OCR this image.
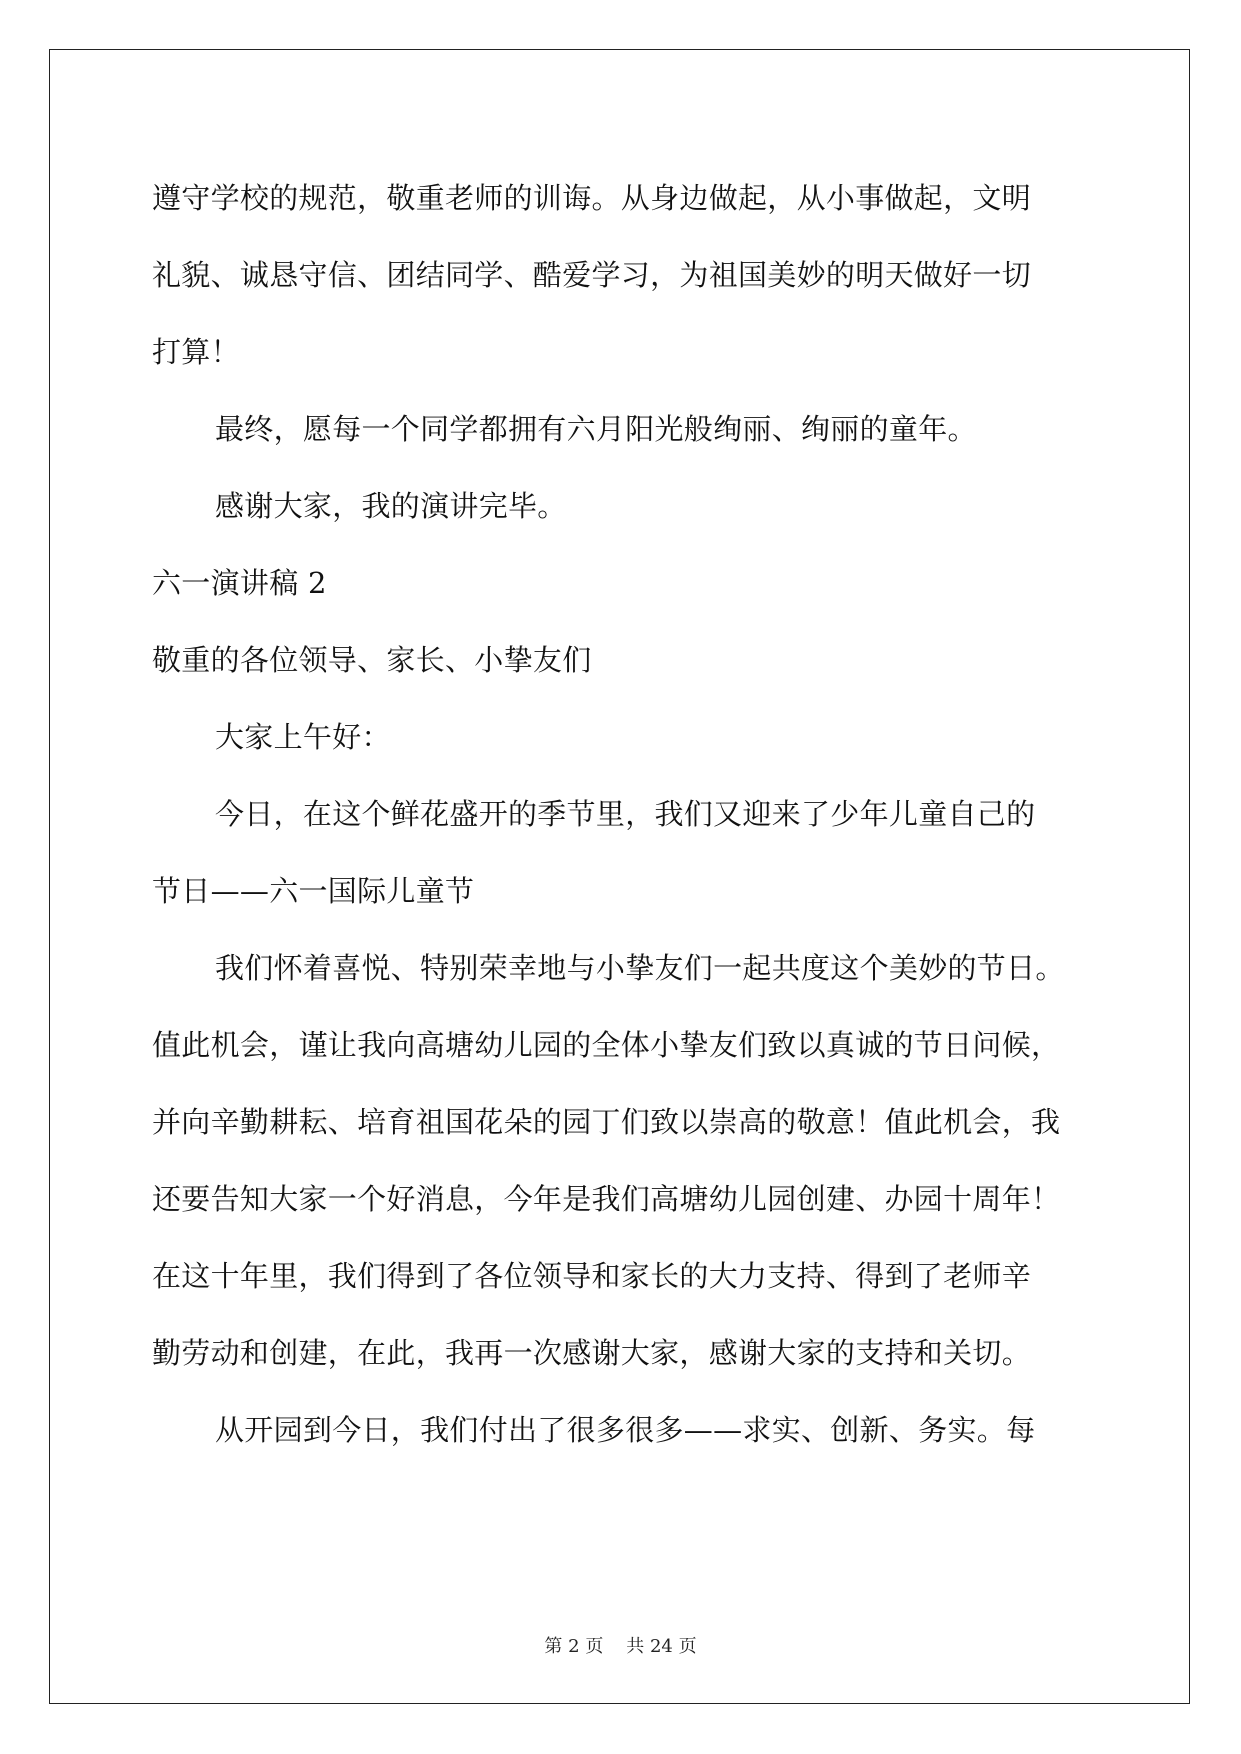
遵守学校的规范，敬重老师的训诲。从身边做起，从小事做起，文明
礼貌、诚恳守信、团结同学、酷爱学习，为祖国美妙的明天做好一切
打算！
最终，愿每一个同学都拥有六月阳光般绚丽、绚丽的童年。
感谢大家，我的演讲完毕。
六一演讲稿 2
敬重的各位领导、家长、小挚友们
大家上午好：
今日，在这个鲜花盛开的季节里，我们又迎来了少年儿童自己的
节日——六一国际儿童节
我们怀着喜悦、特别荣幸地与小挚友们一起共度这个美妙的节日。
值此机会，谨让我向高塘幼儿园的全体小挚友们致以真诚的节日问候，
并向辛勤耕耘、培育祖国花朵的园丁们致以崇高的敬意！值此机会，我
还要告知大家一个好消息，今年是我们高塘幼儿园创建、办园十周年！
在这十年里，我们得到了各位领导和家长的大力支持、得到了老师辛
勤劳动和创建，在此，我再一次感谢大家，感谢大家的支持和关切。
从开园到今日，我们付出了很多很多——求实、创新、务实。每
第 2 页 共 24 页
